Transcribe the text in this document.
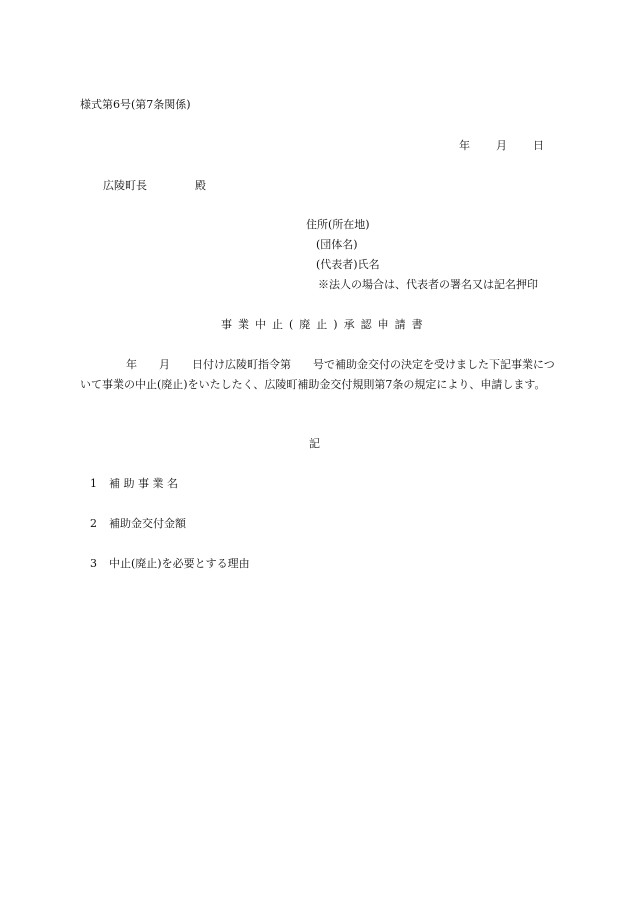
様式第6号(第7条関係)
年 月 日
広陵町長	殿
住所(所在地)
(団体名)
(代表者)氏名
※法人の場合は、代表者の署名又は記名押印
事業中止(廃止)承認申請書
年 月 日付け広陵町指令第 号で補助金交付の決定を受けました下記事業について事業の中止(廃止)をいたしたく、広陵町補助金交付規則第7条の規定により、申請します。
記
1 補 助 事 業 名
2 補助金交付金額
3 中止(廃止)を必要とする理由
